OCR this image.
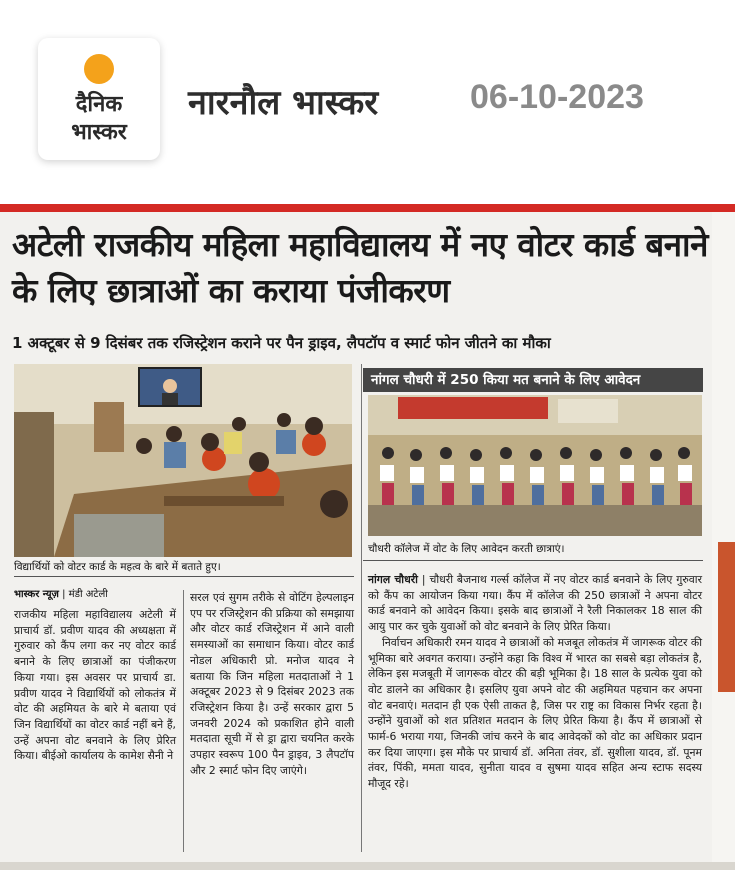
दैनिक
भास्कर
नारनौल भास्कर	06-10-2023
अटेली राजकीय महिला महाविद्यालय में नए वोटर कार्ड बनाने के लिए छात्राओं का कराया पंजीकरण
1 अक्टूबर से 9 दिसंबर तक रजिस्ट्रेशन कराने पर पैन ड्राइव, लैपटॉप व स्मार्ट फोन जीतने का मौका
विद्यार्थियों को वोटर कार्ड के महत्व के बारे में बताते हुए।
नांगल चौधरी में 250 किया मत बनाने के लिए आवेदन
चौधरी कॉलेज में वोट के लिए आवेदन करती छात्राएं।
भास्कर न्यूज़ | मंडी अटेली
राजकीय महिला महाविद्यालय अटेली में प्राचार्य डॉ. प्रवीण यादव की अध्यक्षता में गुरुवार को कैंप लगा कर नए वोटर कार्ड बनाने के लिए छात्राओं का पंजीकरण किया गया। इस अवसर पर प्राचार्य डा. प्रवीण यादव ने विद्यार्थियों को लोकतंत्र में वोट की अहमियत के बारे मे बताया एवं जिन विद्यार्थियों का वोटर कार्ड नहीं बने हैं, उन्हें अपना वोट बनवाने के लिए प्रेरित किया। बीईओ कार्यालय के कामेश सैनी ने
सरल एवं सुगम तरीके से वोटिंग हेल्पलाइन एप पर रजिस्ट्रेशन की प्रक्रिया को समझाया और वोटर कार्ड रजिस्ट्रेशन में आने वाली समस्याओं का समाधान किया। वोटर कार्ड नोडल अधिकारी प्रो. मनोज यादव ने बताया कि जिन महिला मतदाताओं ने 1 अक्टूबर 2023 से 9 दिसंबर 2023 तक रजिस्ट्रेशन किया है। उन्हें सरकार द्वारा 5 जनवरी 2024 को प्रकाशित होने वाली मतदाता सूची में से ड्रा द्वारा चयनित करके उपहार स्वरूप 100 पैन ड्राइव, 3 लैपटॉप और 2 स्मार्ट फोन दिए जाएंगे।
नांगल चौधरी | चौधरी बैजनाथ गर्ल्स कॉलेज में नए वोटर कार्ड बनवाने के लिए गुरुवार को कैंप का आयोजन किया गया। कैंप में कॉलेज की 250 छात्राओं ने अपना वोटर कार्ड बनवाने को आवेदन किया। इसके बाद छात्राओं ने रैली निकालकर 18 साल की आयु पार कर चुके युवाओं को वोट बनवाने के लिए प्रेरित किया।
निर्वाचन अधिकारी रमन यादव ने छात्राओं को मजबूत लोकतंत्र में जागरूक वोटर की भूमिका बारे अवगत कराया। उन्होंने कहा कि विश्व में भारत का सबसे बड़ा लोकतंत्र है, लेकिन इस मजबूती में जागरूक वोटर की बड़ी भूमिका है। 18 साल के प्रत्येक युवा को वोट डालने का अधिकार है। इसलिए युवा अपने वोट की अहमियत पहचान कर अपना वोट बनवाएं। मतदान ही एक ऐसी ताकत है, जिस पर राष्ट्र का विकास निर्भर रहता है। उन्होंने युवाओं को शत प्रतिशत मतदान के लिए प्रेरित किया है। कैंप में छात्राओं से फार्म-6 भराया गया, जिनकी जांच करने के बाद आवेदकों को वोट का अधिकार प्रदान कर दिया जाएगा। इस मौके पर प्राचार्य डॉ. अनिता तंवर, डॉ. सुशीला यादव, डॉ. पूनम तंवर, पिंकी, ममता यादव, सुनीता यादव व सुषमा यादव सहित अन्य स्टाफ सदस्य मौजूद रहे।
